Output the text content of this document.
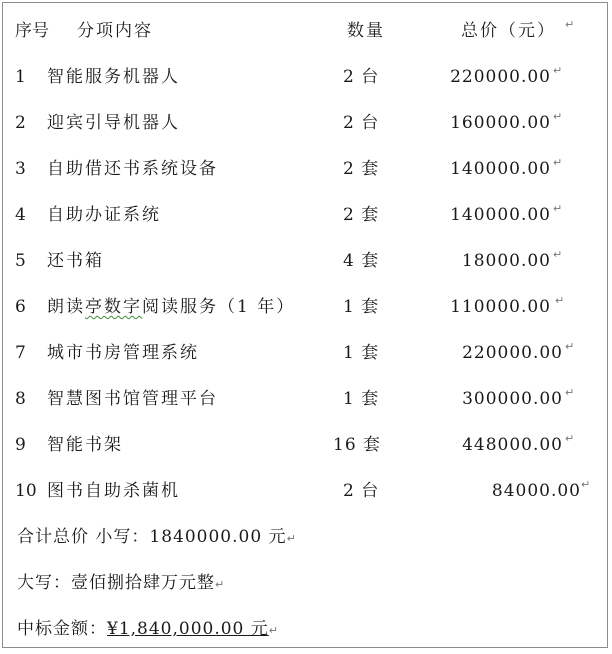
序号 分项内容	数量	总价（元） ↵
1 智能服务机器人	2 台	220000.00 ↵
2 迎宾引导机器人	2 台	160000.00 ↵
3 自助借还书系统设备	2 套	140000.00 ↵
4 自助办证系统	2 套	140000.00 ↵
5 还书箱	4 套	18000.00 ↵
6 朗读亭数字阅读服务（1 年）	1 套	110000.00 ↵
7 城市书房管理系统	1 套	220000.00 ↵
8 智慧图书馆管理平台	1 套	300000.00 ↵
9 智能书架	16 套	448000.00 ↵
10 图书自助杀菌机	2 台	84000.00 ↵
合计总价 小写：1840000.00 元↵
大写：壹佰捌拾肆万元整↵
中标金额：¥1,840,000.00 元↵
